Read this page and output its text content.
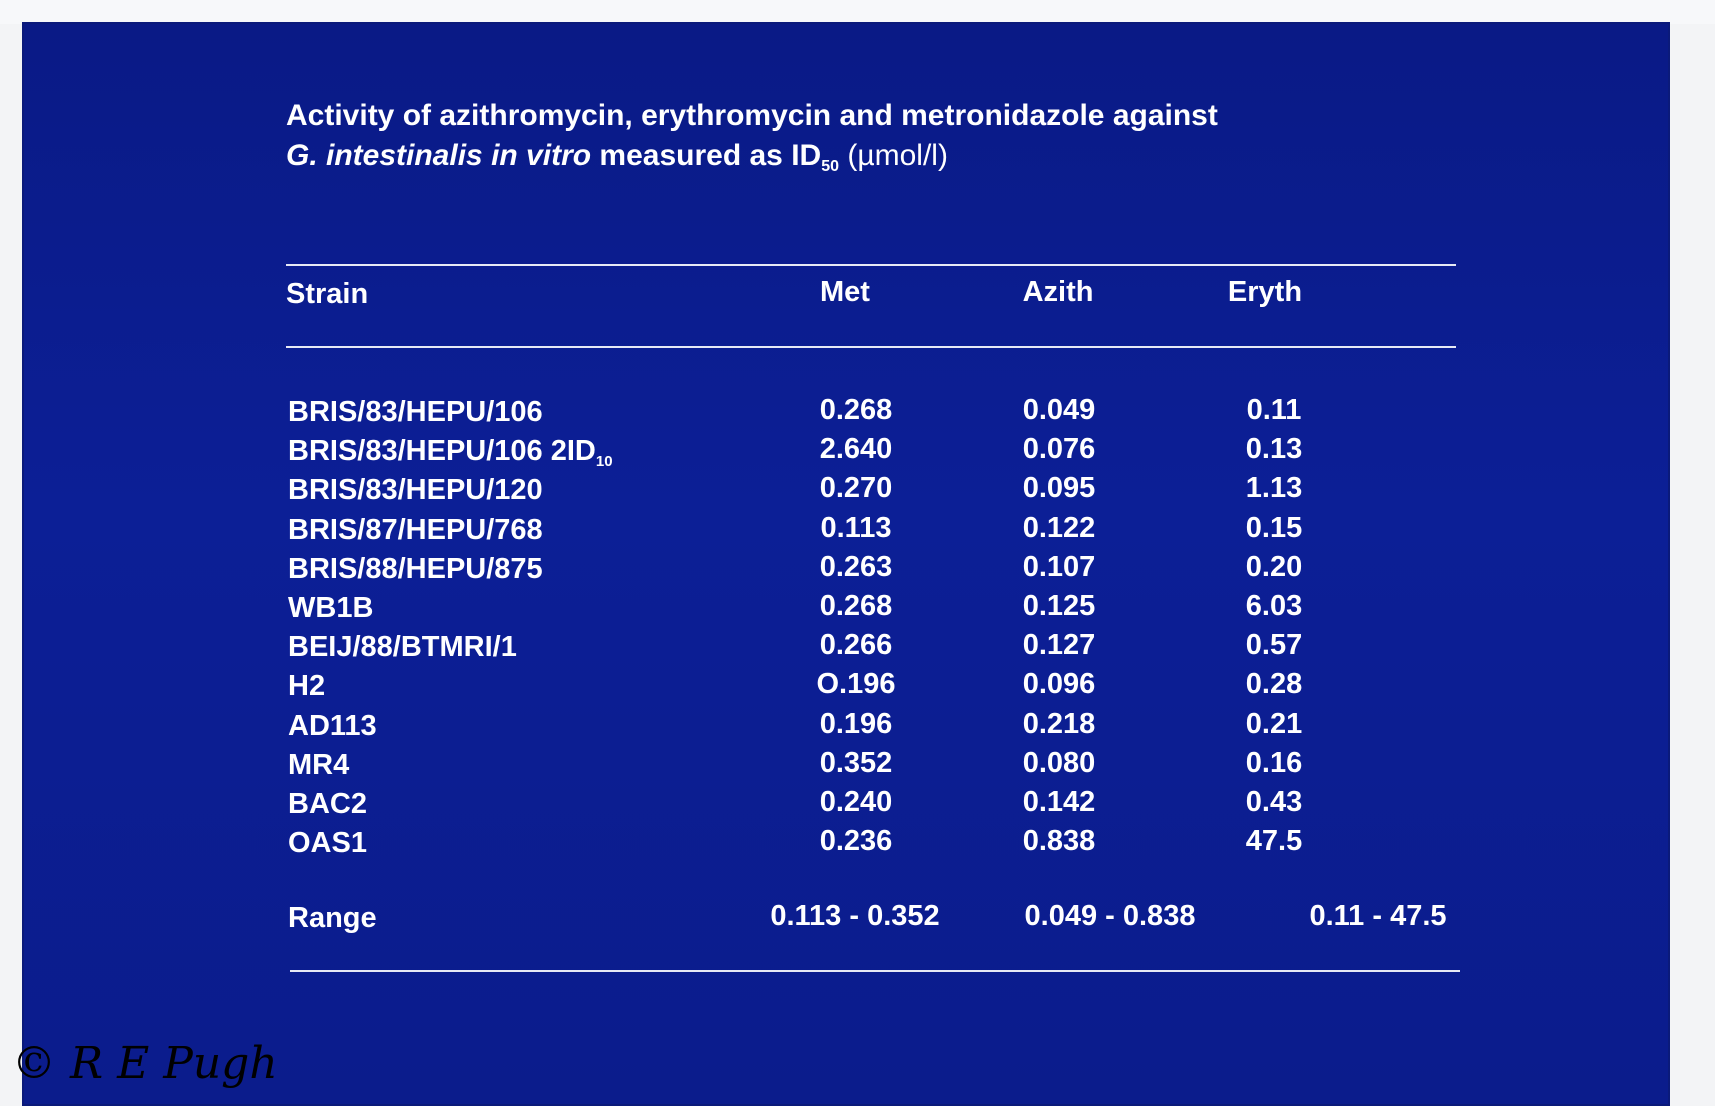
Activity of azithromycin, erythromycin and metronidazole against
G. intestinalis in vitro measured as $ID_{50}$ (µmol/l)
Strain	Met	Azith	Eryth
BRIS/83/HEPU/106	0.268	0.049	0.11
BRIS/83/HEPU/106 $2ID_{10}$	2.640	0.076	0.13
BRIS/83/HEPU/120	0.270	0.095	1.13
BRIS/87/HEPU/768	0.113	0.122	0.15
BRIS/88/HEPU/875	0.263	0.107	0.20
WB1B	0.268	0.125	6.03
BEIJ/88/BTMRI/1	0.266	0.127	0.57
H2	O.196	0.096	0.28
AD113	0.196	0.218	0.21
MR4	0.352	0.080	0.16
BAC2	0.240	0.142	0.43
OAS1	0.236	0.838	47.5
Range	0.113 - 0.352	0.049 - 0.838	0.11 - 47.5
© R E Pugh
